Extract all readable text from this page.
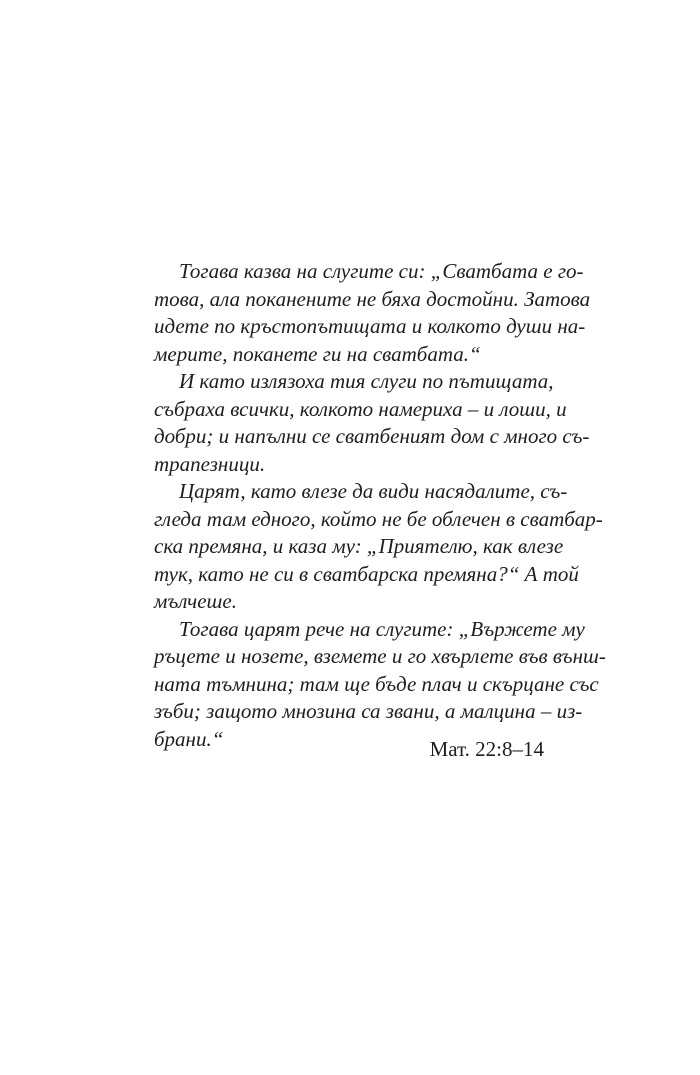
Тогава казва на слугите си: „Сватбата е го-
това, ала поканените не бяха достойни. Затова
идете по кръстопътищата и колкото души на-
мерите, поканете ги на сватбата.“
И като излязоха тия слуги по пътищата,
събраха всички, колкото намериха – и лоши, и
добри; и напълни се сватбеният дом с много съ-
трапезници.
Царят, като влезе да види насядалите, съ-
гледа там едного, който не бе облечен в сватбар-
ска премяна, и каза му: „Приятелю, как влезе
тук, като не си в сватбарска премяна?“ А той
мълчеше.
Тогава царят рече на слугите: „Вържете му
ръцете и нозете, вземете и го хвърлете във външ-
ната тъмнина; там ще бъде плач и скърцане със
зъби; защото мнозина са звани, а малцина – из-
брани.“	Мат. 22:8–14
